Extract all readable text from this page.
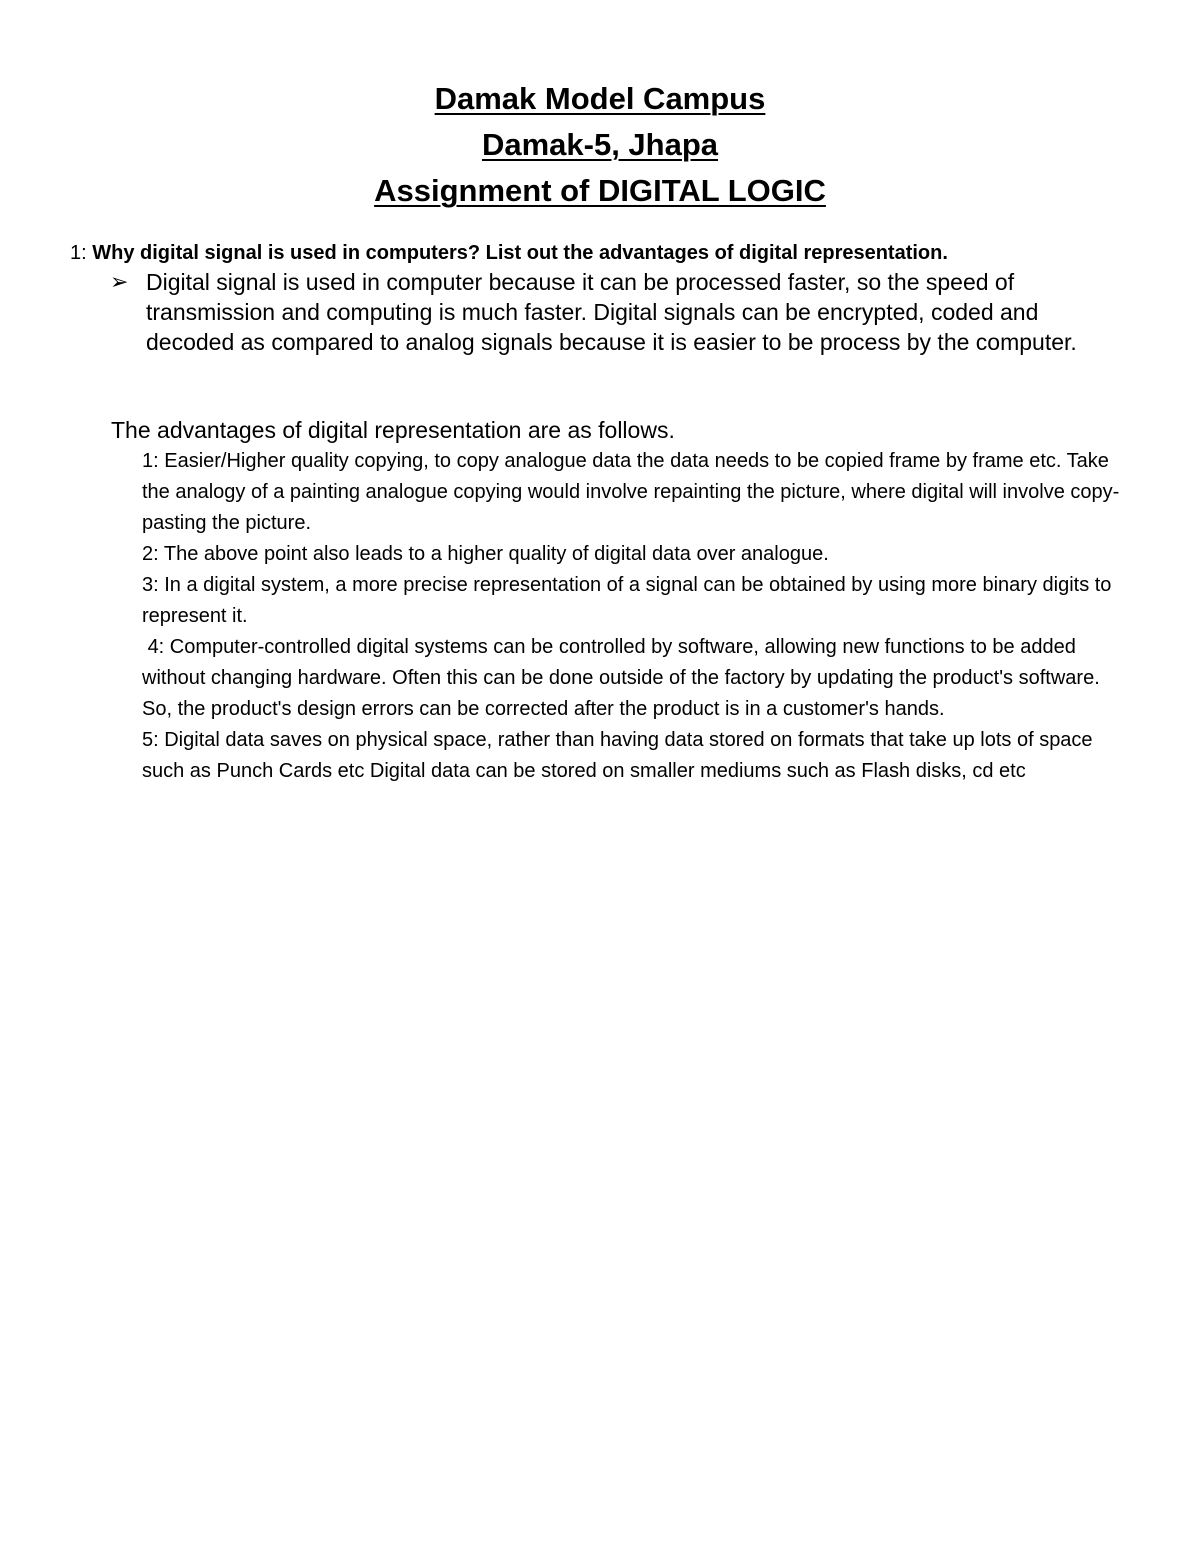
Damak Model Campus
Damak-5, Jhapa
Assignment of DIGITAL LOGIC
1: Why digital signal is used in computers? List out the advantages of digital representation.
➢ Digital signal is used in computer because it can be processed faster, so the speed of transmission and computing is much faster. Digital signals can be encrypted, coded and decoded as compared to analog signals because it is easier to be process by the computer.
The advantages of digital representation are as follows.

1: Easier/Higher quality copying, to copy analogue data the data needs to be copied frame by frame etc. Take the analogy of a painting analogue copying would involve repainting the picture, where digital will involve copy-pasting the picture.

2: The above point also leads to a higher quality of digital data over analogue.

3: In a digital system, a more precise representation of a signal can be obtained by using more binary digits to represent it.

4: Computer-controlled digital systems can be controlled by software, allowing new functions to be added without changing hardware. Often this can be done outside of the factory by updating the product's software. So, the product's design errors can be corrected after the product is in a customer's hands.

5: Digital data saves on physical space, rather than having data stored on formats that take up lots of space such as Punch Cards etc Digital data can be stored on smaller mediums such as Flash disks, cd etc
